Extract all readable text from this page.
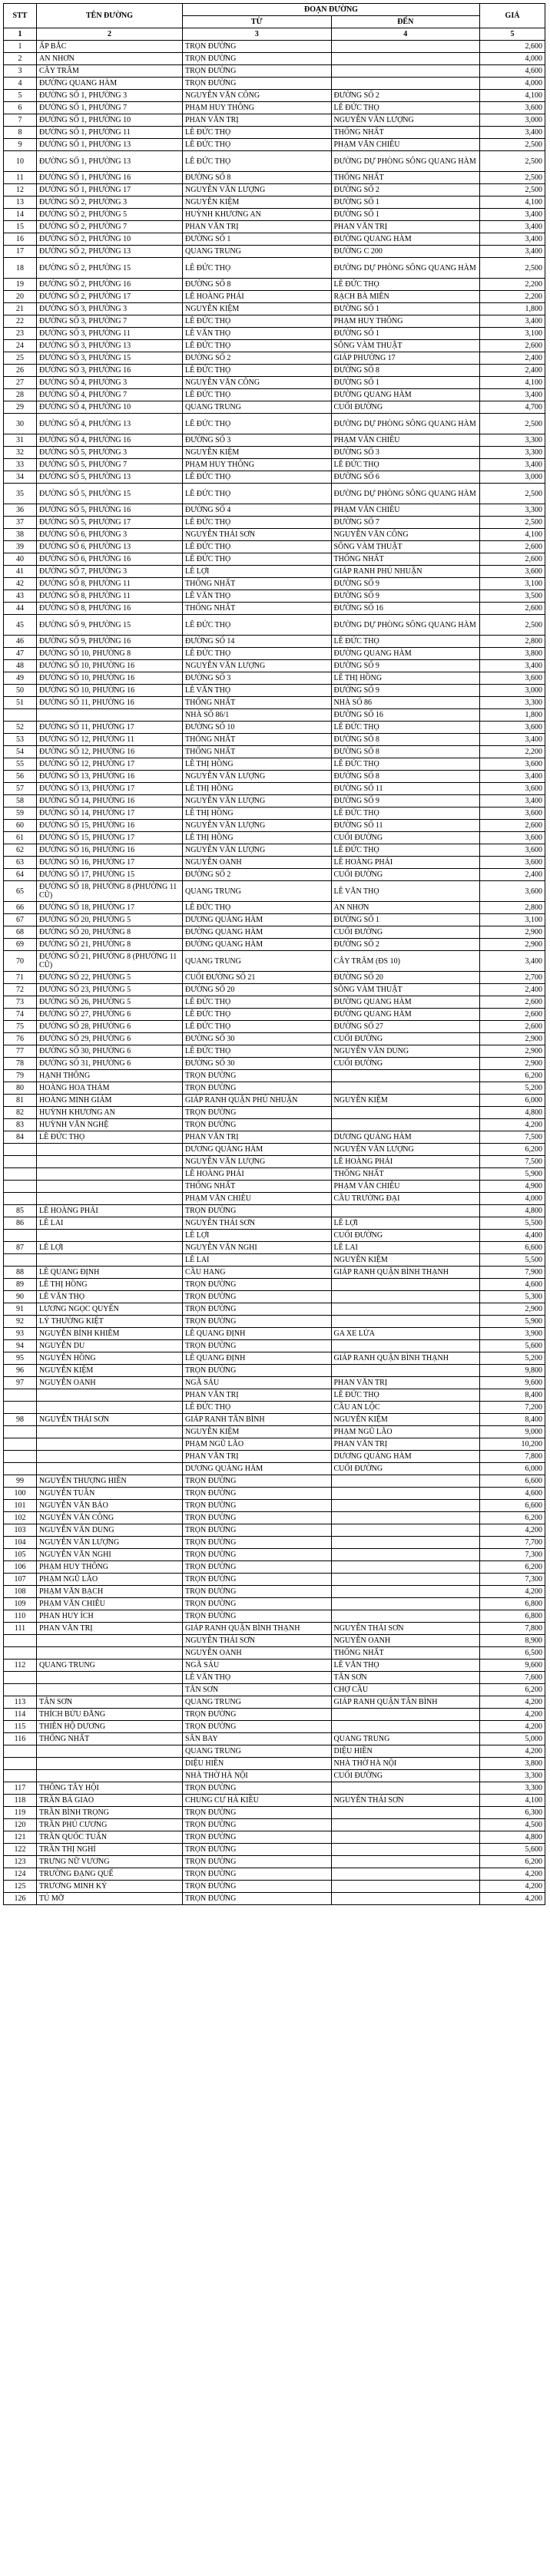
STT	TÊN ĐƯỜNG	ĐOẠN ĐƯỜNG		GIÁ
		TỪ	ĐẾN	
1	2	3	4	5
1	ẤP BẮC	TRỌN ĐƯỜNG		2,600
2	AN NHƠN	TRỌN ĐƯỜNG		4,000
3	CÂY TRÂM	TRỌN ĐƯỜNG		4,600
4	ĐƯỜNG QUANG HÀM	TRỌN ĐƯỜNG		4,000
5	ĐƯỜNG SỐ 1, PHƯỜNG 3	NGUYỄN VĂN CÔNG	ĐƯỜNG SỐ 2	4,100
6	ĐƯỜNG SỐ 1, PHƯỜNG 7	PHẠM HUY THÔNG	LÊ ĐỨC THỌ	3,600
7	ĐƯỜNG SỐ 1, PHƯỜNG 10	PHAN VĂN TRỊ	NGUYỄN VĂN LƯỢNG	3,000
8	ĐƯỜNG SỐ 1, PHƯỜNG 11	LÊ ĐỨC THỌ	THỐNG NHẤT	3,400
9	ĐƯỜNG SỐ 1, PHƯỜNG 13	LÊ ĐỨC THỌ	PHẠM VĂN CHIÊU	2,500
10	ĐƯỜNG SỐ 1, PHƯỜNG 13	LÊ ĐỨC THỌ	ĐƯỜNG DỰ PHÒNG SÔNG QUANG HÀM	2,500
11	ĐƯỜNG SỐ 1, PHƯỜNG 16	ĐƯỜNG SỐ 8	THỐNG NHẤT	2,500
12	ĐƯỜNG SỐ 1, PHƯỜNG 17	NGUYỄN VĂN LƯỢNG	ĐƯỜNG SỐ 2	2,500
13	ĐƯỜNG SỐ 2, PHƯỜNG 3	NGUYỄN KIỆM	ĐƯỜNG SỐ 1	4,100
14	ĐƯỜNG SỐ 2, PHƯỜNG 5	HUỲNH KHƯƠNG AN	ĐƯỜNG SỐ 1	3,400
15	ĐƯỜNG SỐ 2, PHƯỜNG 7	PHAN VĂN TRỊ	PHAN VĂN TRỊ	3,400
16	ĐƯỜNG SỐ 2, PHƯỜNG 10	ĐƯỜNG SỐ 1	ĐƯỜNG QUANG HÀM	3,400
17	ĐƯỜNG SỐ 2, PHƯỜNG 13	QUANG TRUNG	ĐƯỜNG C 200	3,400
18	ĐƯỜNG SỐ 2, PHƯỜNG 15	LÊ ĐỨC THỌ	ĐƯỜNG DỰ PHÒNG SÔNG QUANG HÀM	2,500
19	ĐƯỜNG SỐ 2, PHƯỜNG 16	ĐƯỜNG SỐ 8	LÊ ĐỨC THỌ	2,200
20	ĐƯỜNG SỐ 2, PHƯỜNG 17	LÊ HOÀNG PHÁI	RẠCH BÀ MIÊN	2,200
21	ĐƯỜNG SỐ 3, PHƯỜNG 3	NGUYỄN KIỆM	ĐƯỜNG SỐ 1	1,800
22	ĐƯỜNG SỐ 3, PHƯỜNG 7	LÊ ĐỨC THỌ	PHẠM HUY THÔNG	3,400
23	ĐƯỜNG SỐ 3, PHƯỜNG 11	LÊ VĂN THỌ	ĐƯỜNG SỐ 1	3,100
24	ĐƯỜNG SỐ 3, PHƯỜNG 13	LÊ ĐỨC THỌ	SÔNG VÀM THUẬT	2,600
25	ĐƯỜNG SỐ 3, PHƯỜNG 15	ĐƯỜNG SỐ 2	GIÁP PHƯỜNG 17	2,400
26	ĐƯỜNG SỐ 3, PHƯỜNG 16	LÊ ĐỨC THỌ	ĐƯỜNG SỐ 8	2,400
27	ĐƯỜNG SỐ 4, PHƯỜNG 3	NGUYỄN VĂN CÔNG	ĐƯỜNG SỐ 1	4,100
28	ĐƯỜNG SỐ 4, PHƯỜNG 7	LÊ ĐỨC THỌ	ĐƯỜNG QUANG HÀM	3,400
29	ĐƯỜNG SỐ 4, PHƯỜNG 10	QUANG TRUNG	CUỐI ĐƯỜNG	4,700
30	ĐƯỜNG SỐ 4, PHƯỜNG 13	LÊ ĐỨC THỌ	ĐƯỜNG DỰ PHÒNG SÔNG QUANG HÀM	2,500
31	ĐƯỜNG SỐ 4, PHƯỜNG 16	ĐƯỜNG SỐ 3	PHẠM VĂN CHIÊU	3,300
32	ĐƯỜNG SỐ 5, PHƯỜNG 3	NGUYỄN KIỆM	ĐƯỜNG SỐ 3	3,300
33	ĐƯỜNG SỐ 5, PHƯỜNG 7	PHẠM HUY THÔNG	LÊ ĐỨC THỌ	3,400
34	ĐƯỜNG SỐ 5, PHƯỜNG 13	LÊ ĐỨC THỌ	ĐƯỜNG SỐ 6	3,000
35	ĐƯỜNG SỐ 5, PHƯỜNG 15	LÊ ĐỨC THỌ	ĐƯỜNG DỰ PHÒNG SÔNG QUANG HÀM	2,500
36	ĐƯỜNG SỐ 5, PHƯỜNG 16	ĐƯỜNG SỐ 4	PHẠM VĂN CHIÊU	3,300
37	ĐƯỜNG SỐ 5, PHƯỜNG 17	LÊ ĐỨC THỌ	ĐƯỜNG SỐ 7	2,500
38	ĐƯỜNG SỐ 6, PHƯỜNG 3	NGUYỄN THÁI SƠN	NGUYỄN VĂN CÔNG	4,100
39	ĐƯỜNG SỐ 6, PHƯỜNG 13	LÊ ĐỨC THỌ	SÔNG VÀM THUẬT	2,600
40	ĐƯỜNG SỐ 6, PHƯỜNG 16	LÊ ĐỨC THỌ	THỐNG NHẤT	2,600
41	ĐƯỜNG SỐ 7, PHƯỜNG 3	LÊ LỢI	GIÁP RANH PHÚ NHUẬN	3,600
42	ĐƯỜNG SỐ 8, PHƯỜNG 11	THỐNG NHẤT	ĐƯỜNG SỐ 9	3,100
43	ĐƯỜNG SỐ 8, PHƯỜNG 11	LÊ VĂN THỌ	ĐƯỜNG SỐ 9	3,500
44	ĐƯỜNG SỐ 8, PHƯỜNG 16	THỐNG NHẤT	ĐƯỜNG SỐ 16	2,600
45	ĐƯỜNG SỐ 9, PHƯỜNG 15	LÊ ĐỨC THỌ	ĐƯỜNG DỰ PHÒNG SÔNG QUANG HÀM	2,500
46	ĐƯỜNG SỐ 9, PHƯỜNG 16	ĐƯỜNG SỐ 14	LÊ ĐỨC THỌ	2,800
47	ĐƯỜNG SỐ 10, PHƯỜNG 8	LÊ ĐỨC THỌ	ĐƯỜNG QUANG HÀM	3,800
48	ĐƯỜNG SỐ 10, PHƯỜNG 16	NGUYỄN VĂN LƯỢNG	ĐƯỜNG SỐ 9	3,400
49	ĐƯỜNG SỐ 10, PHƯỜNG 16	ĐƯỜNG SỐ 3	LÊ THỊ HỒNG	3,600
50	ĐƯỜNG SỐ 10, PHƯỜNG 16	LÊ VĂN THỌ	ĐƯỜNG SỐ 9	3,000
51	ĐƯỜNG SỐ 11, PHƯỜNG 16	THỐNG NHẤT	NHÀ SỐ 86	3,300
		NHÀ SỐ 86/1	ĐƯỜNG SỐ 16	1,800
52	ĐƯỜNG SỐ 11, PHƯỜNG 17	ĐƯỜNG SỐ 10	LÊ ĐỨC THỌ	3,600
53	ĐƯỜNG SỐ 12, PHƯỜNG 11	THỐNG NHẤT	ĐƯỜNG SỐ 8	3,400
54	ĐƯỜNG SỐ 12, PHƯỜNG 16	THỐNG NHẤT	ĐƯỜNG SỐ 8	2,200
55	ĐƯỜNG SỐ 12, PHƯỜNG 17	LÊ THỊ HỒNG	LÊ ĐỨC THỌ	3,600
56	ĐƯỜNG SỐ 13, PHƯỜNG 16	NGUYỄN VĂN LƯỢNG	ĐƯỜNG SỐ 8	3,400
57	ĐƯỜNG SỐ 13, PHƯỜNG 17	LÊ THỊ HỒNG	ĐƯỜNG SỐ 11	3,600
58	ĐƯỜNG SỐ 14, PHƯỜNG 16	NGUYỄN VĂN LƯỢNG	ĐƯỜNG SỐ 9	3,400
59	ĐƯỜNG SỐ 14, PHƯỜNG 17	LÊ THỊ HỒNG	LÊ ĐỨC THỌ	3,600
60	ĐƯỜNG SỐ 15, PHƯỜNG 16	NGUYỄN VĂN LƯỢNG	ĐƯỜNG SỐ 11	2,600
61	ĐƯỜNG SỐ 15, PHƯỜNG 17	LÊ THỊ HỒNG	CUỐI ĐƯỜNG	3,600
62	ĐƯỜNG SỐ 16, PHƯỜNG 16	NGUYỄN VĂN LƯỢNG	LÊ ĐỨC THỌ	3,600
63	ĐƯỜNG SỐ 16, PHƯỜNG 17	NGUYỄN OANH	LÊ HOÀNG PHÁI	3,600
64	ĐƯỜNG SỐ 17, PHƯỜNG 15	ĐƯỜNG SỐ 2	CUỐI ĐƯỜNG	2,400
65	ĐƯỜNG SỐ 18, PHƯỜNG 8 (PHƯỜNG 11 CŨ)	QUANG TRUNG	LÊ VĂN THỌ	3,600
66	ĐƯỜNG SỐ 18, PHƯỜNG 17	LÊ ĐỨC THỌ	AN NHƠN	2,800
67	ĐƯỜNG SỐ 20, PHƯỜNG 5	DƯƠNG QUẢNG HÀM	ĐƯỜNG SỐ 1	3,100
68	ĐƯỜNG SỐ 20, PHƯỜNG 8	ĐƯỜNG QUANG HÀM	CUỐI ĐƯỜNG	2,900
69	ĐƯỜNG SỐ 21, PHƯỜNG 8	ĐƯỜNG QUANG HÀM	ĐƯỜNG SỐ 2	2,900
70	ĐƯỜNG SỐ 21, PHƯỜNG 8 (PHƯỜNG 11 CŨ)	QUANG TRUNG	CÂY TRÂM (ĐS 10)	3,400
71	ĐƯỜNG SỐ 22, PHƯỜNG 5	CUỐI ĐƯỜNG SỐ 21	ĐƯỜNG SỐ 20	2,700
72	ĐƯỜNG SỐ 23, PHƯỜNG 5	ĐƯỜNG SỐ 20	SÔNG VÀM THUẬT	2,400
73	ĐƯỜNG SỐ 26, PHƯỜNG 5	LÊ ĐỨC THỌ	ĐƯỜNG QUANG HÀM	2,600
74	ĐƯỜNG SỐ 27, PHƯỜNG 6	LÊ ĐỨC THỌ	ĐƯỜNG QUANG HÀM	2,600
75	ĐƯỜNG SỐ 28, PHƯỜNG 6	LÊ ĐỨC THỌ	ĐƯỜNG SỐ 27	2,600
76	ĐƯỜNG SỐ 29, PHƯỜNG 6	ĐƯỜNG SỐ 30	CUỐI ĐƯỜNG	2,900
77	ĐƯỜNG SỐ 30, PHƯỜNG 6	LÊ ĐỨC THỌ	NGUYỄN VĂN DUNG	2,900
78	ĐƯỜNG SỐ 31, PHƯỜNG 6	ĐƯỜNG SỐ 30	CUỐI ĐƯỜNG	2,900
79	HẠNH THÔNG	TRỌN ĐƯỜNG		6,200
80	HOÀNG HOA THÁM	TRỌN ĐƯỜNG		5,200
81	HOÀNG MINH GIÁM	GIÁP RANH QUẬN PHÚ NHUẬN	NGUYỄN KIỆM	6,000
82	HUỲNH KHƯƠNG AN	TRỌN ĐƯỜNG		4,800
83	HUỲNH VĂN NGHỆ	TRỌN ĐƯỜNG		4,200
84	LÊ ĐỨC THỌ	PHAN VĂN TRỊ	DƯƠNG QUẢNG HÀM	7,500
		DƯƠNG QUẢNG HÀM	NGUYỄN VĂN LƯỢNG	6,200
		NGUYỄN VĂN LƯỢNG	LÊ HOÀNG PHÁI	7,500
		LÊ HOÀNG PHÁI	THỐNG NHẤT	5,900
		THỐNG NHẤT	PHẠM VĂN CHIÊU	4,900
		PHẠM VĂN CHIÊU	CẦU TRƯỜNG ĐẠI	4,000
85	LÊ HOÀNG PHÁI	TRỌN ĐƯỜNG		4,800
86	LÊ LAI	NGUYỄN THÁI SƠN	LÊ LỢI	5,500
		LÊ LỢI	CUỐI ĐƯỜNG	4,400
87	LÊ LỢI	NGUYỄN VĂN NGHI	LÊ LAI	6,600
		LÊ LAI	NGUYỄN KIỆM	5,500
88	LÊ QUANG ĐỊNH	CẦU HANG	GIÁP RANH QUẬN BÌNH THẠNH	7,900
89	LÊ THỊ HỒNG	TRỌN ĐƯỜNG		4,600
90	LÊ VĂN THỌ	TRỌN ĐƯỜNG		5,300
91	LƯƠNG NGỌC QUYẾN	TRỌN ĐƯỜNG		2,900
92	LÝ THƯỜNG KIỆT	TRỌN ĐƯỜNG		5,900
93	NGUYỄN BỈNH KHIÊM	LÊ QUANG ĐỊNH	GA XE LỬA	3,900
94	NGUYỄN DU	TRỌN ĐƯỜNG		5,600
95	NGUYỄN HỒNG	LÊ QUANG ĐỊNH	GIÁP RANH QUẬN BÌNH THẠNH	5,200
96	NGUYỄN KIỆM	TRỌN ĐƯỜNG		9,800
97	NGUYỄN OANH	NGÃ SÁU	PHAN VĂN TRỊ	9,600
		PHAN VĂN TRỊ	LÊ ĐỨC THỌ	8,400
		LÊ ĐỨC THỌ	CẦU AN LỘC	7,200
98	NGUYỄN THÁI SƠN	GIÁP RANH TÂN BÌNH	NGUYỄN KIỆM	8,400
		NGUYỄN KIỆM	PHẠM NGŨ LÃO	9,000
		PHẠM NGŨ LÃO	PHAN VĂN TRỊ	10,200
		PHAN VĂN TRỊ	DƯƠNG QUẢNG HÀM	7,800
		DƯƠNG QUẢNG HÀM	CUỐI ĐƯỜNG	6,000
99	NGUYỄN THƯỢNG HIỀN	TRỌN ĐƯỜNG		6,600
100	NGUYỄN TUÂN	TRỌN ĐƯỜNG		4,600
101	NGUYỄN VĂN BẢO	TRỌN ĐƯỜNG		6,600
102	NGUYỄN VĂN CÔNG	TRỌN ĐƯỜNG		6,200
103	NGUYỄN VĂN DUNG	TRỌN ĐƯỜNG		4,200
104	NGUYỄN VĂN LƯỢNG	TRỌN ĐƯỜNG		7,700
105	NGUYỄN VĂN NGHI	TRỌN ĐƯỜNG		7,300
106	PHẠM HUY THÔNG	TRỌN ĐƯỜNG		6,200
107	PHẠM NGŨ LÃO	TRỌN ĐƯỜNG		7,300
108	PHẠM VĂN BẠCH	TRỌN ĐƯỜNG		4,200
109	PHẠM VĂN CHIÊU	TRỌN ĐƯỜNG		6,800
110	PHAN HUY ÍCH	TRỌN ĐƯỜNG		6,800
111	PHAN VĂN TRỊ	GIÁP RANH QUẬN BÌNH THẠNH	NGUYỄN THÁI SƠN	7,800
		NGUYỄN THÁI SƠN	NGUYỄN OANH	8,900
		NGUYỄN OANH	THỐNG NHẤT	6,500
112	QUANG TRUNG	NGÃ SÁU	LÊ VĂN THỌ	9,600
		LÊ VĂN THỌ	TÂN SƠN	7,600
		TÂN SƠN	CHỢ CẦU	6,200
113	TÂN SƠN	QUANG TRUNG	GIÁP RANH QUẬN TÂN BÌNH	4,200
114	THÍCH BỬU ĐĂNG	TRỌN ĐƯỜNG		4,200
115	THIÊN HỘ DƯƠNG	TRỌN ĐƯỜNG		4,200
116	THỐNG NHẤT	SÂN BAY	QUANG TRUNG	5,000
		QUANG TRUNG	DIỆU HIỀN	4,200
		DIỆU HIỀN	NHÀ THỜ HÀ NỘI	3,800
		NHÀ THỜ HÀ NỘI	CUỐI ĐƯỜNG	3,300
117	THÔNG TÂY HỘI	TRỌN ĐƯỜNG		3,300
118	TRẦN BÁ GIAO	CHUNG CƯ HÀ KIỀU	NGUYỄN THÁI SƠN	4,100
119	TRẦN BÌNH TRỌNG	TRỌN ĐƯỜNG		6,300
120	TRẦN PHÚ CƯƠNG	TRỌN ĐƯỜNG		4,500
121	TRẦN QUỐC TUẤN	TRỌN ĐƯỜNG		4,800
122	TRẦN THỊ NGHỈ	TRỌN ĐƯỜNG		5,600
123	TRƯNG NỮ VƯƠNG	TRỌN ĐƯỜNG		6,200
124	TRƯỜNG ĐẠNG QUẾ	TRỌN ĐƯỜNG		4,200
125	TRƯƠNG MINH KÝ	TRỌN ĐƯỜNG		4,200
126	TÚ MỠ	TRỌN ĐƯỜNG		4,200
